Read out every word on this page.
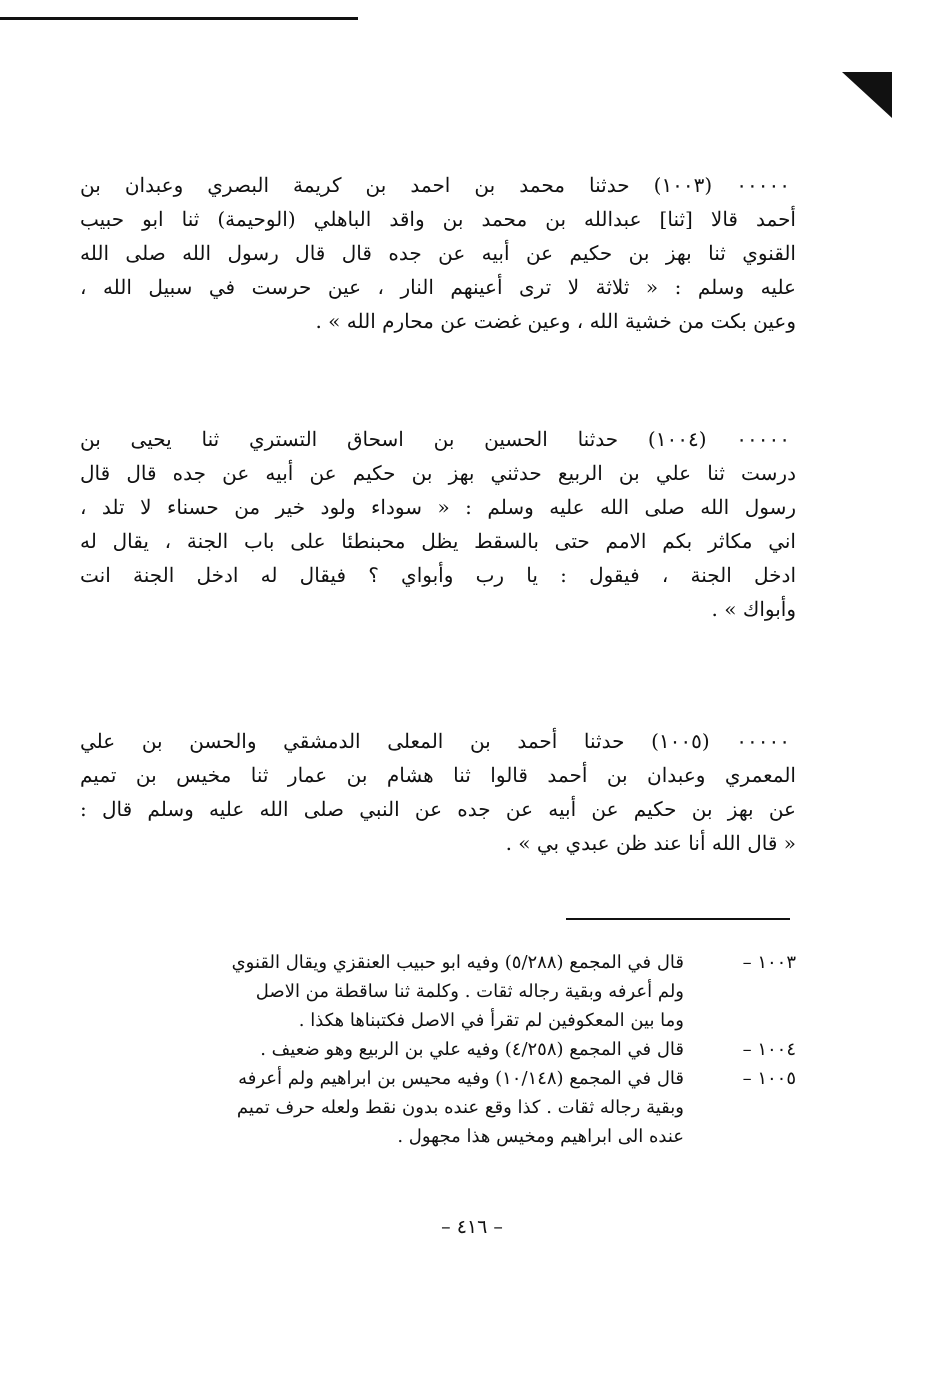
٠٠٠٠٠ (١٠٠٣) حدثنا محمد بن احمد بن كريمة البصري وعبدان بن
أحمد قالا [ثنا] عبدالله بن محمد بن واقد الباهلي (الوحيمة) ثنا ابو حبيب
القنوي ثنا بهز بن حكيم عن أبيه عن جده قال قال رسول الله صلى الله
عليه وسلم : « ثلاثة لا ترى أعينهم النار ، عين حرست في سبيل الله ،
وعين بكت من خشية الله ، وعين غضت عن محارم الله » .
٠٠٠٠٠ (١٠٠٤) حدثنا الحسين بن اسحاق التستري ثنا يحيى بن
درست ثنا علي بن الربيع حدثني بهز بن حكيم عن أبيه عن جده قال قال
رسول الله صلى الله عليه وسلم : « سوداء ولود خير من حسناء لا تلد ،
اني مكاثر بكم الامم حتى بالسقط يظل محبنطئا على باب الجنة ، يقال له
ادخل الجنة ، فيقول : يا رب وأبواي ؟ فيقال له ادخل الجنة انت
وأبواك » .
٠٠٠٠٠ (١٠٠٥) حدثنا أحمد بن المعلى الدمشقي والحسن بن علي
المعمري وعبدان بن أحمد قالوا ثنا هشام بن عمار ثنا مخيس بن تميم
عن بهز بن حكيم عن أبيه عن جده عن النبي صلى الله عليه وسلم قال :
« قال الله أنا عند ظن عبدي بي » .
١٠٠٣ –
قال في المجمع (٥/٢٨٨) وفيه ابو حبيب العنقزي ويقال القنوي
ولم أعرفه وبقية رجاله ثقات . وكلمة ثنا ساقطة من الاصل
وما بين المعكوفين لم تقرأ في الاصل فكتبناها هكذا .
١٠٠٤ –
قال في المجمع (٤/٢٥٨) وفيه علي بن الربيع وهو ضعيف .
١٠٠٥ –
قال في المجمع (١٠/١٤٨) وفيه محيس بن ابراهيم ولم أعرفه
وبقية رجاله ثقات . كذا وقع عنده بدون نقط ولعله حرف تميم
عنده الى ابراهيم ومخيس هذا مجهول .
– ٤١٦ –
